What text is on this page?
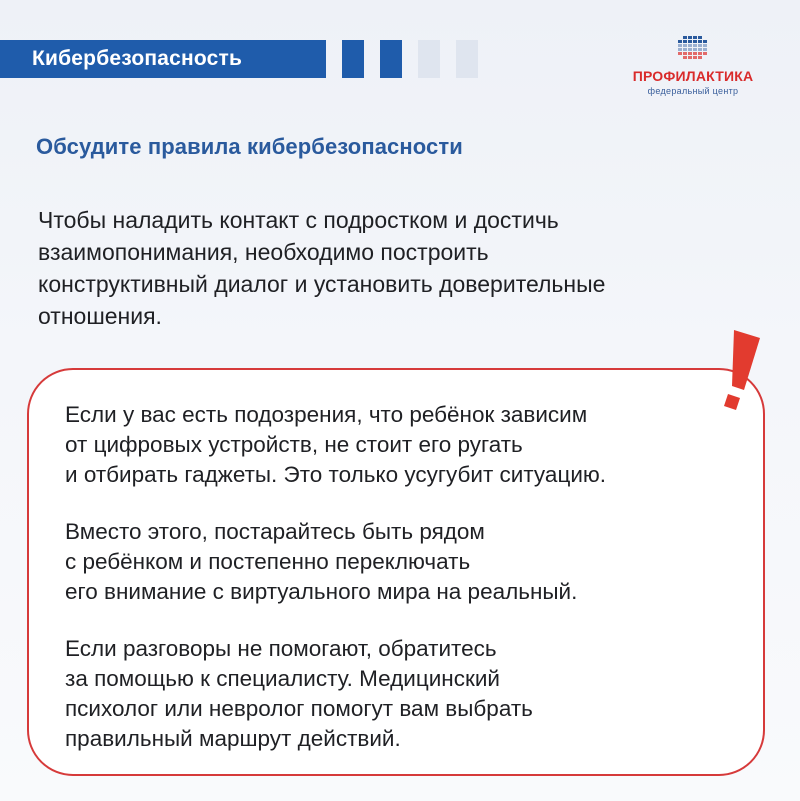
Кибербезопасность
ПРОФИЛАКТИКА
федеральный центр
Обсудите правила кибербезопасности
Чтобы наладить контакт с подростком и достичь
взаимопонимания, необходимо построить
конструктивный диалог и установить доверительные
отношения.
Если у вас есть подозрения, что ребёнок зависим
от цифровых устройств, не стоит его ругать
и отбирать гаджеты. Это только усугубит ситуацию.
Вместо этого, постарайтесь быть рядом
с ребёнком и постепенно переключать
его внимание с виртуального мира на реальный.
Если разговоры не помогают, обратитесь
за помощью к специалисту. Медицинский
психолог или невролог помогут вам выбрать
правильный маршрут действий.
